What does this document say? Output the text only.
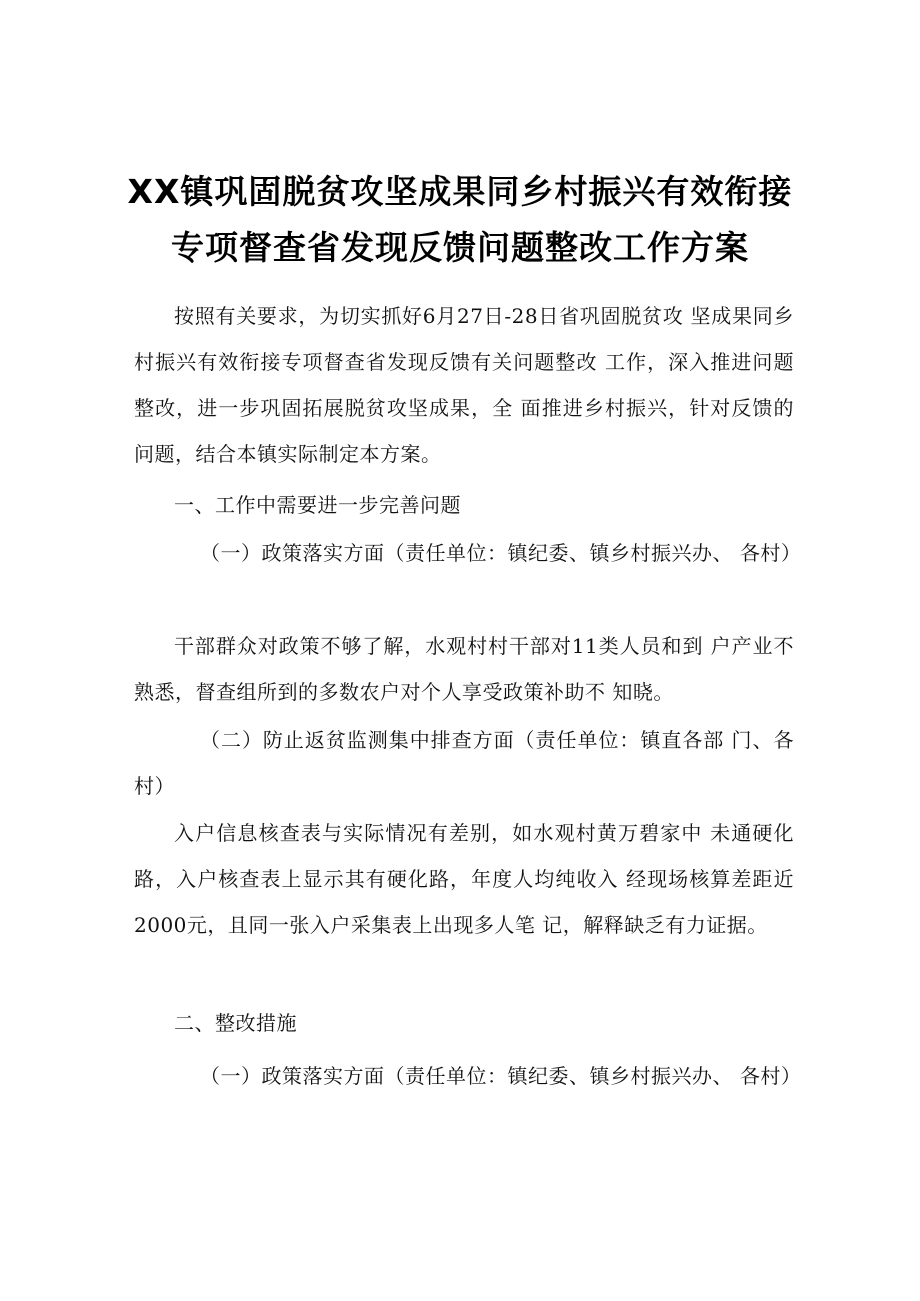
XX镇巩固脱贫攻坚成果同乡村振兴有效衔接
专项督查省发现反馈问题整改工作方案

按照有关要求，为切实抓好6月27日-28日省巩固脱贫攻 坚成果同乡村振兴有效衔接专项督查省发现反馈有关问题整改 工作，深入推进问题整改，进一步巩固拓展脱贫攻坚成果，全 面推进乡村振兴，针对反馈的问题，结合本镇实际制定本方案。

一、工作中需要进一步完善问题

（一）政策落实方面（责任单位：镇纪委、镇乡村振兴办、 各村）

干部群众对政策不够了解，水观村村干部对11类人员和到 户产业不熟悉，督查组所到的多数农户对个人享受政策补助不 知晓。

（二）防止返贫监测集中排查方面（责任单位：镇直各部 门、各村）

入户信息核查表与实际情况有差别，如水观村黄万碧家中 未通硬化路，入户核查表上显示其有硬化路，年度人均纯收入 经现场核算差距近2000元，且同一张入户采集表上出现多人笔 记，解释缺乏有力证据。

二、整改措施

（一）政策落实方面（责任单位：镇纪委、镇乡村振兴办、 各村）
